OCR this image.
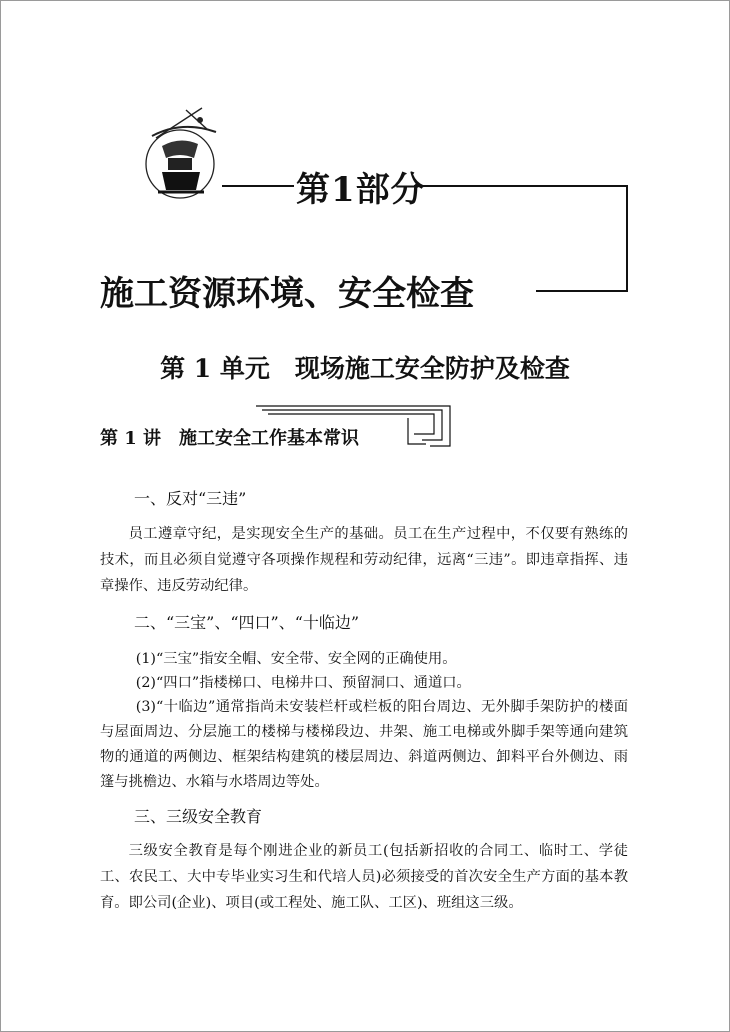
第1部分
施工资源环境、安全检查
第 1 单元　现场施工安全防护及检查
第 1 讲　施工安全工作基本常识
一、反对“三违”

员工遵章守纪，是实现安全生产的基础。员工在生产过程中，不仅要有熟练的技术，而且必须自觉遵守各项操作规程和劳动纪律，远离“三违”。即违章指挥、违章操作、违反劳动纪律。

二、“三宝”、“四口”、“十临边”

(1)“三宝”指安全帽、安全带、安全网的正确使用。

(2)“四口”指楼梯口、电梯井口、预留洞口、通道口。

(3)“十临边”通常指尚未安装栏杆或栏板的阳台周边、无外脚手架防护的楼面与屋面周边、分层施工的楼梯与楼梯段边、井架、施工电梯或外脚手架等通向建筑物的通道的两侧边、框架结构建筑的楼层周边、斜道两侧边、卸料平台外侧边、雨篷与挑檐边、水箱与水塔周边等处。

三、三级安全教育

三级安全教育是每个刚进企业的新员工(包括新招收的合同工、临时工、学徒工、农民工、大中专毕业实习生和代培人员)必须接受的首次安全生产方面的基本教育。即公司(企业)、项目(或工程处、施工队、工区)、班组这三级。
